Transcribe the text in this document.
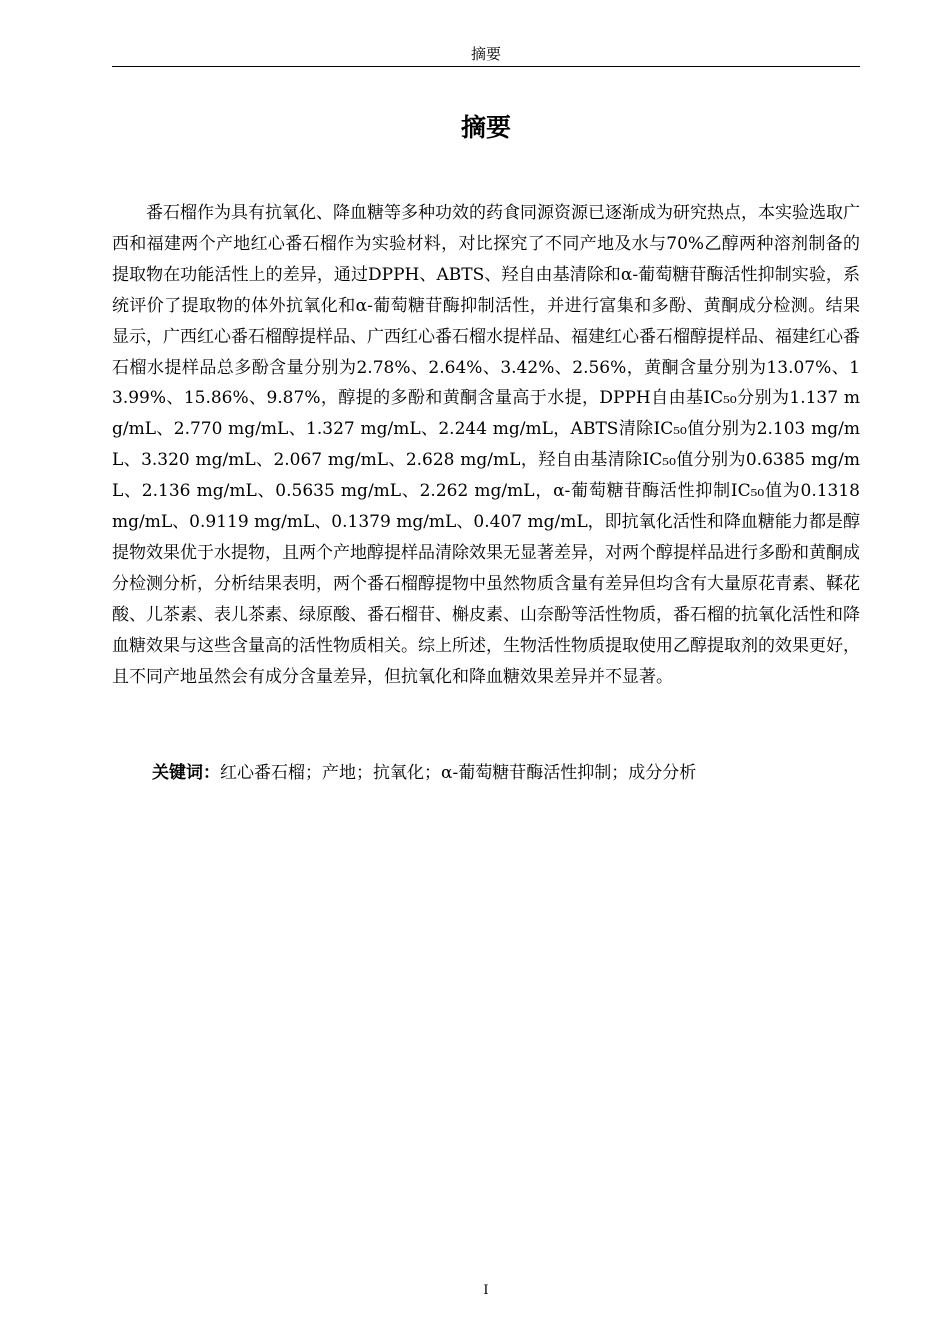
摘要
摘要

番石榴作为具有抗氧化、降血糖等多种功效的药食同源资源已逐渐成为研究热点，本实验选取广西和福建两个产地红心番石榴作为实验材料，对比探究了不同产地及水与70%乙醇两种溶剂制备的提取物在功能活性上的差异，通过DPPH、ABTS、羟自由基清除和α-葡萄糖苷酶活性抑制实验，系统评价了提取物的体外抗氧化和α-葡萄糖苷酶抑制活性，并进行富集和多酚、黄酮成分检测。结果显示，广西红心番石榴醇提样品、广西红心番石榴水提样品、福建红心番石榴醇提样品、福建红心番石榴水提样品总多酚含量分别为2.78%、2.64%、3.42%、2.56%，黄酮含量分别为13.07%、13.99%、15.86%、9.87%，醇提的多酚和黄酮含量高于水提，DPPH自由基IC₅₀分别为1.137 mg/mL、2.770 mg/mL、1.327 mg/mL、2.244 mg/mL，ABTS清除IC₅₀值分别为2.103 mg/mL、3.320 mg/mL、2.067 mg/mL、2.628 mg/mL，羟自由基清除IC₅₀值分别为0.6385 mg/mL、2.136 mg/mL、0.5635 mg/mL、2.262 mg/mL，α-葡萄糖苷酶活性抑制IC₅₀值为0.1318 mg/mL、0.9119 mg/mL、0.1379 mg/mL、0.407 mg/mL，即抗氧化活性和降血糖能力都是醇提物效果优于水提物，且两个产地醇提样品清除效果无显著差异，对两个醇提样品进行多酚和黄酮成分检测分析，分析结果表明，两个番石榴醇提物中虽然物质含量有差异但均含有大量原花青素、鞣花酸、儿茶素、表儿茶素、绿原酸、番石榴苷、槲皮素、山奈酚等活性物质，番石榴的抗氧化活性和降血糖效果与这些含量高的活性物质相关。综上所述，生物活性物质提取使用乙醇提取剂的效果更好，且不同产地虽然会有成分含量差异，但抗氧化和降血糖效果差异并不显著。

关键词：红心番石榴；产地；抗氧化；α-葡萄糖苷酶活性抑制；成分分析

I
